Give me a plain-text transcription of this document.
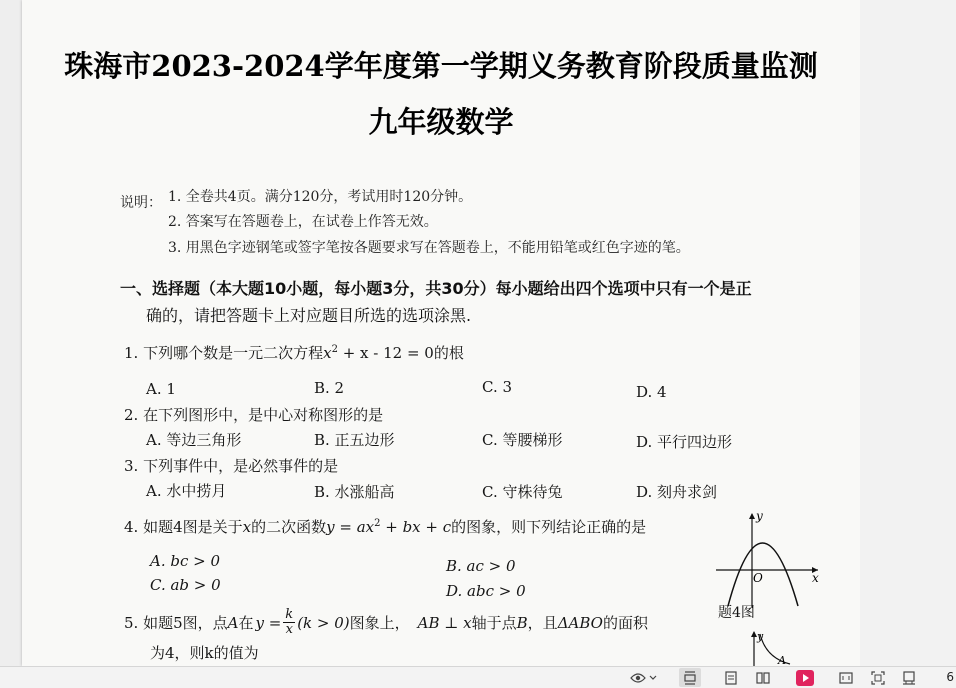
珠海市2023-2024学年度第一学期义务教育阶段质量监测
九年级数学
说明： 1. 全卷共4页。满分120分，考试用时120分钟。
2. 答案写在答题卷上，在试卷上作答无效。
3. 用黑色字迹钢笔或签字笔按各题要求写在答题卷上，不能用铅笔或红色字迹的笔。
一、选择题（本大题10小题，每小题3分，共30分）每小题给出四个选项中只有一个是正
确的，请把答题卡上对应题目所选的选项涂黑.
1. 下列哪个数是一元二次方程$x^2 + x - 12 = 0$的根
A. 1	B. 2	C. 3	D. 4
2. 在下列图形中，是中心对称图形的是
A. 等边三角形	B. 正五边形	C. 等腰梯形	D. 平行四边形
3. 下列事件中，是必然事件的是
A. 水中捞月	B. 水涨船高	C. 守株待兔	D. 刻舟求剑
4. 如题4图是关于x的二次函数$y = ax^2$ + bx + c的图象，则下列结论正确的是
A. bc > 0	B. ac > 0
C. ab > 0	D. abc > 0
y
x
O
题4图
5. 如题5图，点 A 在 $y = \frac{k}{x} (k > 0)$ 图象上， AB ⊥ x 轴于点 B ，且 ΔABO 的面积
为4，则k的值为
y
A
6
